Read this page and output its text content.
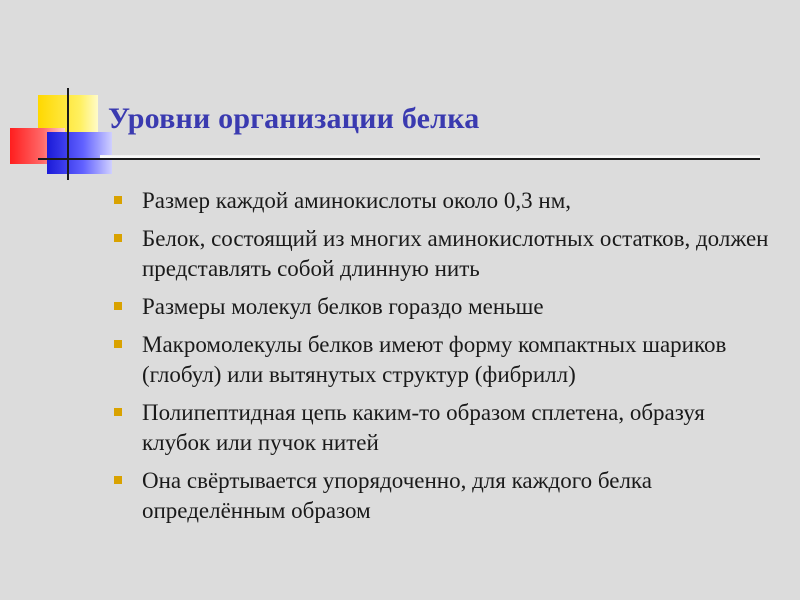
Уровни организации белка
Размер каждой аминокислоты около 0,3 нм,
Белок, состоящий из многих аминокислотных остатков, должен представлять собой длинную нить
Размеры молекул белков гораздо меньше
Макромолекулы белков имеют форму компактных шариков (глобул) или вытянутых структур (фибрилл)
Полипептидная цепь каким-то образом сплетена, образуя клубок или пучок нитей
Она свёртывается упорядоченно, для каждого белка определённым образом
